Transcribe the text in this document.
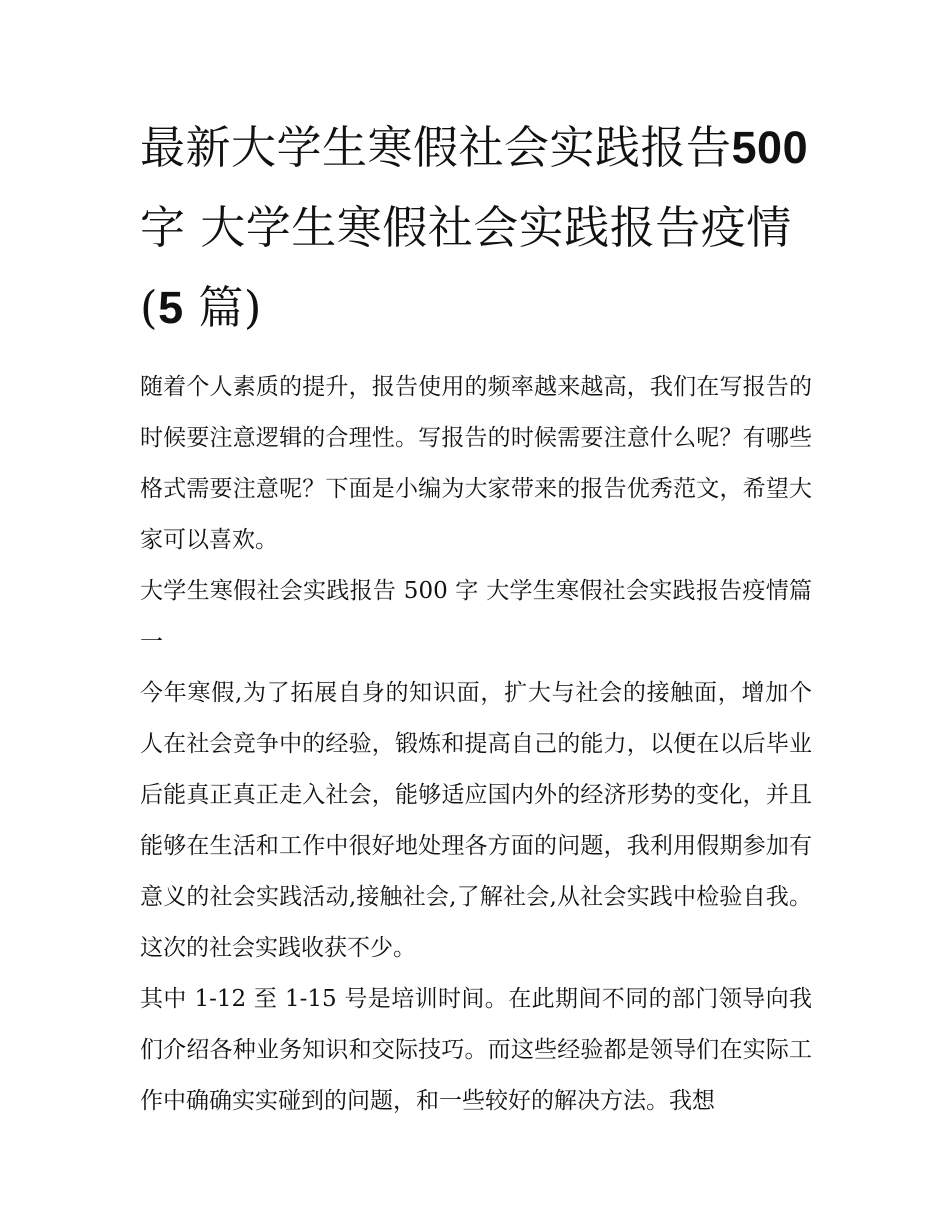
最新大学生寒假社会实践报告500 字 大学生寒假社会实践报告疫情(5 篇)

随着个人素质的提升，报告使用的频率越来越高，我们在写报告的时候要注意逻辑的合理性。写报告的时候需要注意什么呢？有哪些格式需要注意呢？下面是小编为大家带来的报告优秀范文，希望大家可以喜欢。

大学生寒假社会实践报告 500 字 大学生寒假社会实践报告疫情篇一

今年寒假,为了拓展自身的知识面，扩大与社会的接触面，增加个人在社会竞争中的经验，锻炼和提高自己的能力，以便在以后毕业后能真正真正走入社会，能够适应国内外的经济形势的变化，并且能够在生活和工作中很好地处理各方面的问题，我利用假期参加有意义的社会实践活动,接触社会,了解社会,从社会实践中检验自我。这次的社会实践收获不少。

其中 1-12 至 1-15 号是培训时间。在此期间不同的部门领导向我们介绍各种业务知识和交际技巧。而这些经验都是领导们在实际工作中确确实实碰到的问题，和一些较好的解决方法。我想
